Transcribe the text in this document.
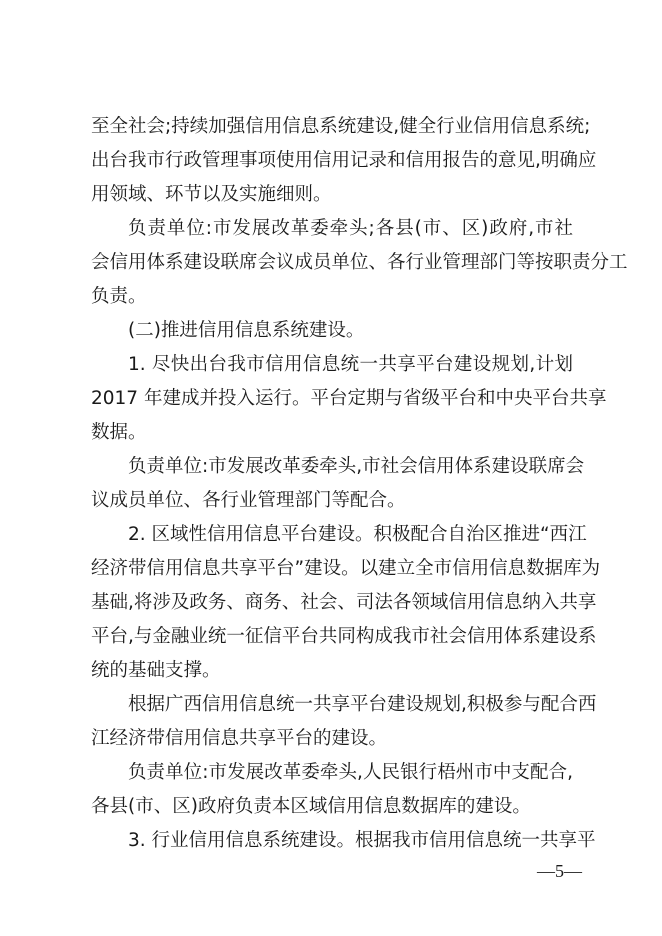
至全社会;持续加强信用信息系统建设,健全行业信用信息系统;
出台我市行政管理事项使用信用记录和信用报告的意见,明确应
用领域、环节以及实施细则。
负责单位:市发展改革委牵头;各县(市、区)政府,市社
会信用体系建设联席会议成员单位、各行业管理部门等按职责分工
负责。
(二)推进信用信息系统建设。
1. 尽快出台我市信用信息统一共享平台建设规划,计划
2017 年建成并投入运行。平台定期与省级平台和中央平台共享
数据。
负责单位:市发展改革委牵头,市社会信用体系建设联席会
议成员单位、各行业管理部门等配合。
2. 区域性信用信息平台建设。积极配合自治区推进“西江
经济带信用信息共享平台”建设。以建立全市信用信息数据库为
基础,将涉及政务、商务、社会、司法各领域信用信息纳入共享
平台,与金融业统一征信平台共同构成我市社会信用体系建设系
统的基础支撑。
根据广西信用信息统一共享平台建设规划,积极参与配合西
江经济带信用信息共享平台的建设。
负责单位:市发展改革委牵头,人民银行梧州市中支配合,
各县(市、区)政府负责本区域信用信息数据库的建设。
3. 行业信用信息系统建设。根据我市信用信息统一共享平
—5—
